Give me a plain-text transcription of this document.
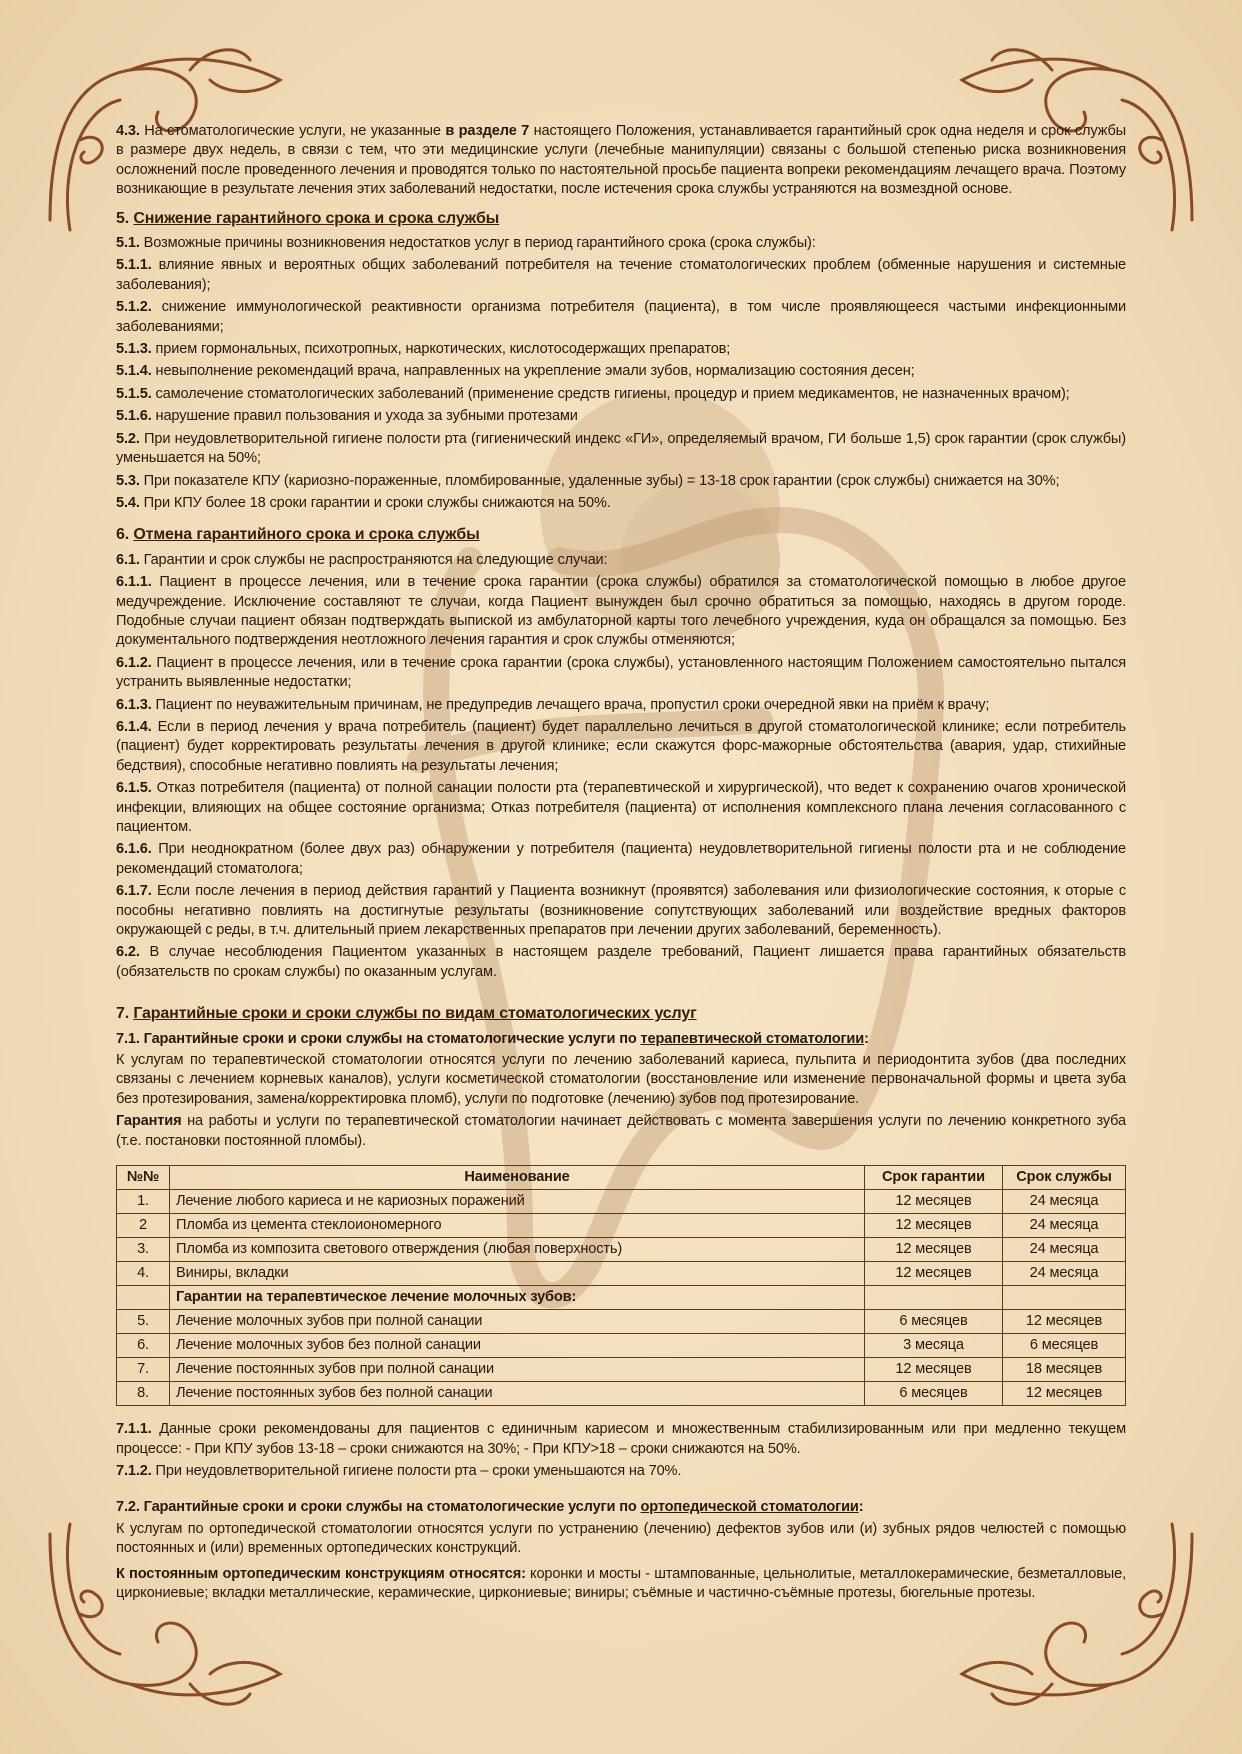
4.3. На стоматологические услуги, не указанные в разделе 7 настоящего Положения, устанавливается гарантийный срок одна неделя и срок службы в размере двух недель, в связи с тем, что эти медицинские услуги (лечебные манипуляции) связаны с большой степенью риска возникновения осложнений после проведенного лечения и проводятся только по настоятельной просьбе пациента вопреки рекомендациям лечащего врача. Поэтому возникающие в результате лечения этих заболеваний недостатки, после истечения срока службы устраняются на возмездной основе.

5. Снижение гарантийного срока и срока службы

5.1. Возможные причины возникновения недостатков услуг в период гарантийного срока (срока службы):

5.1.1. влияние явных и вероятных общих заболеваний потребителя на течение стоматологических проблем (обменные нарушения и системные заболевания);

5.1.2. снижение иммунологической реактивности организма потребителя (пациента), в том числе проявляющееся частыми инфекционными заболеваниями;

5.1.3. прием гормональных, психотропных, наркотических, кислотосодержащих препаратов;

5.1.4. невыполнение рекомендаций врача, направленных на укрепление эмали зубов, нормализацию состояния десен;

5.1.5. самолечение стоматологических заболеваний (применение средств гигиены, процедур и прием медикаментов, не назначенных врачом);

5.1.6. нарушение правил пользования и ухода за зубными протезами

5.2. При неудовлетворительной гигиене полости рта (гигиенический индекс «ГИ», определяемый врачом, ГИ больше 1,5) срок гарантии (срок службы) уменьшается на 50%;

5.3. При показателе КПУ (кариозно-пораженные, пломбированные, удаленные зубы) = 13-18 срок гарантии (срок службы) снижается на 30%;

5.4. При КПУ более 18 сроки гарантии и сроки службы снижаются на 50%.

6. Отмена гарантийного срока и срока службы

6.1. Гарантии и срок службы не распространяются на следующие случаи:

6.1.1. Пациент в процессе лечения, или в течение срока гарантии (срока службы) обратился за стоматологической помощью в любое другое медучреждение. Исключение составляют те случаи, когда Пациент вынужден был срочно обратиться за помощью, находясь в другом городе. Подобные случаи пациент обязан подтверждать выпиской из амбулаторной карты того лечебного учреждения, куда он обращался за помощью. Без документального подтверждения неотложного лечения гарантия и срок службы отменяются;

6.1.2. Пациент в процессе лечения, или в течение срока гарантии (срока службы), установленного настоящим Положением самостоятельно пытался устранить выявленные недостатки;

6.1.3. Пациент по неуважительным причинам, не предупредив лечащего врача, пропустил сроки очередной явки на приём к врачу;

6.1.4. Если в период лечения у врача потребитель (пациент) будет параллельно лечиться в другой стоматологической клинике; если потребитель (пациент) будет корректировать результаты лечения в другой клинике; если скажутся форс-мажорные обстоятельства (авария, удар, стихийные бедствия), способные негативно повлиять на результаты лечения;

6.1.5. Отказ потребителя (пациента) от полной санации полости рта (терапевтической и хирургической), что ведет к сохранению очагов хронической инфекции, влияющих на общее состояние организма; Отказ потребителя (пациента) от исполнения комплексного плана лечения согласованного с пациентом.

6.1.6. При неоднократном (более двух раз) обнаружении у потребителя (пациента) неудовлетворительной гигиены полости рта и не соблюдение рекомендаций стоматолога;

6.1.7. Если после лечения в период действия гарантий у Пациента возникнут (проявятся) заболевания или физиологические состояния, к оторые с пособны негативно повлиять на достигнутые результаты (возникновение сопутствующих заболеваний или воздействие вредных факторов окружающей с реды, в т.ч. длительный прием лекарственных препаратов при лечении других заболеваний, беременность).

6.2. В случае несоблюдения Пациентом указанных в настоящем разделе требований, Пациент лишается права гарантийных обязательств (обязательств по срокам службы) по оказанным услугам.

7. Гарантийные сроки и сроки службы по видам стоматологических услуг
7.1. Гарантийные сроки и сроки службы на стоматологические услуги по терапевтической стоматологии:

К услугам по терапевтической стоматологии относятся услуги по лечению заболеваний кариеса, пульпита и периодонтита зубов (два последних связаны с лечением корневых каналов), услуги косметической стоматологии (восстановление или изменение первоначальной формы и цвета зуба без протезирования, замена/корректировка пломб), услуги по подготовке (лечению) зубов под протезирование.

Гарантия на работы и услуги по терапевтической стоматологии начинает действовать с момента завершения услуги по лечению конкретного зуба (т.е. постановки постоянной пломбы).

№№	Наименование	Срок гарантии	Срок службы
1.	Лечение любого кариеса и не кариозных поражений	12 месяцев	24 месяца
2	Пломба из цемента стеклоиономерного	12 месяцев	24 месяца
3.	Пломба из композита светового отверждения (любая поверхность)	12 месяцев	24 месяца
4.	Виниры, вкладки	12 месяцев	24 месяца
	Гарантии на терапевтическое лечение молочных зубов:		
5.	Лечение молочных зубов при полной санации	6 месяцев	12 месяцев
6.	Лечение молочных зубов без полной санации	3 месяца	6 месяцев
7.	Лечение постоянных зубов при полной санации	12 месяцев	18 месяцев
8.	Лечение постоянных зубов без полной санации	6 месяцев	12 месяцев

7.1.1. Данные сроки рекомендованы для пациентов с единичным кариесом и множественным стабилизированным или при медленно текущем процессе: - При КПУ зубов 13-18 – сроки снижаются на 30%; - При КПУ>18 – сроки снижаются на 50%.

7.1.2. При неудовлетворительной гигиене полости рта – сроки уменьшаются на 70%.

7.2. Гарантийные сроки и сроки службы на стоматологические услуги по ортопедической стоматологии:

К услугам по ортопедической стоматологии относятся услуги по устранению (лечению) дефектов зубов или (и) зубных рядов челюстей с помощью постоянных и (или) временных ортопедических конструкций.

К постоянным ортопедическим конструкциям относятся: коронки и мосты - штампованные, цельнолитые, металлокерамические, безметалловые, циркониевые; вкладки металлические, керамические, циркониевые; виниры; съёмные и частично-съёмные протезы, бюгельные протезы.
